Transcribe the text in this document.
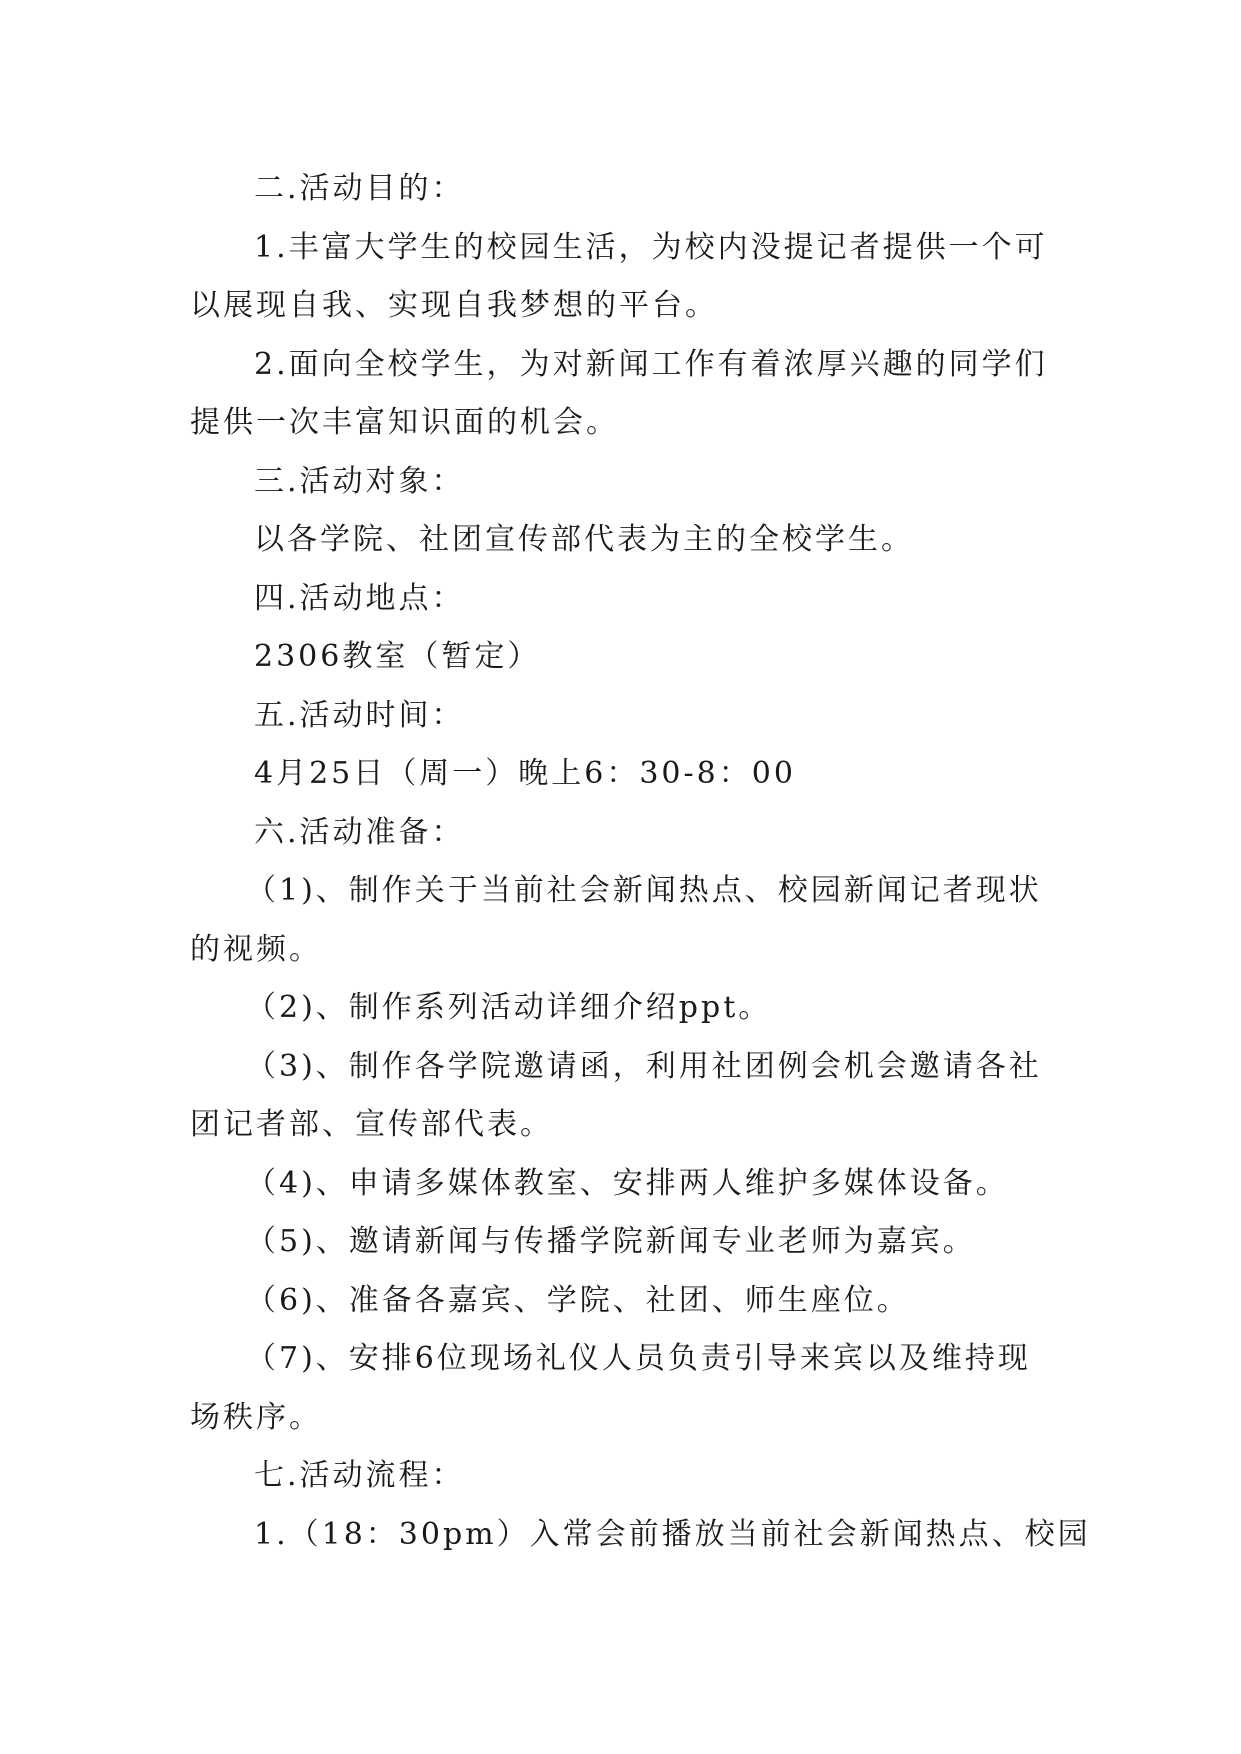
二.活动目的：
1.丰富大学生的校园生活，为校内没提记者提供一个可
以展现自我、实现自我梦想的平台。
2.面向全校学生，为对新闻工作有着浓厚兴趣的同学们
提供一次丰富知识面的机会。
三.活动对象：
以各学院、社团宣传部代表为主的全校学生。
四.活动地点：
2306教室（暂定）
五.活动时间：
4月25日（周一）晚上6：30-8：00
六.活动准备：
（1)、制作关于当前社会新闻热点、校园新闻记者现状
的视频。
（2)、制作系列活动详细介绍ppt。
（3)、制作各学院邀请函，利用社团例会机会邀请各社
团记者部、宣传部代表。
（4)、申请多媒体教室、安排两人维护多媒体设备。
（5)、邀请新闻与传播学院新闻专业老师为嘉宾。
（6)、准备各嘉宾、学院、社团、师生座位。
（7)、安排6位现场礼仪人员负责引导来宾以及维持现
场秩序。
七.活动流程：
1.（18：30pm）入常会前播放当前社会新闻热点、校园
